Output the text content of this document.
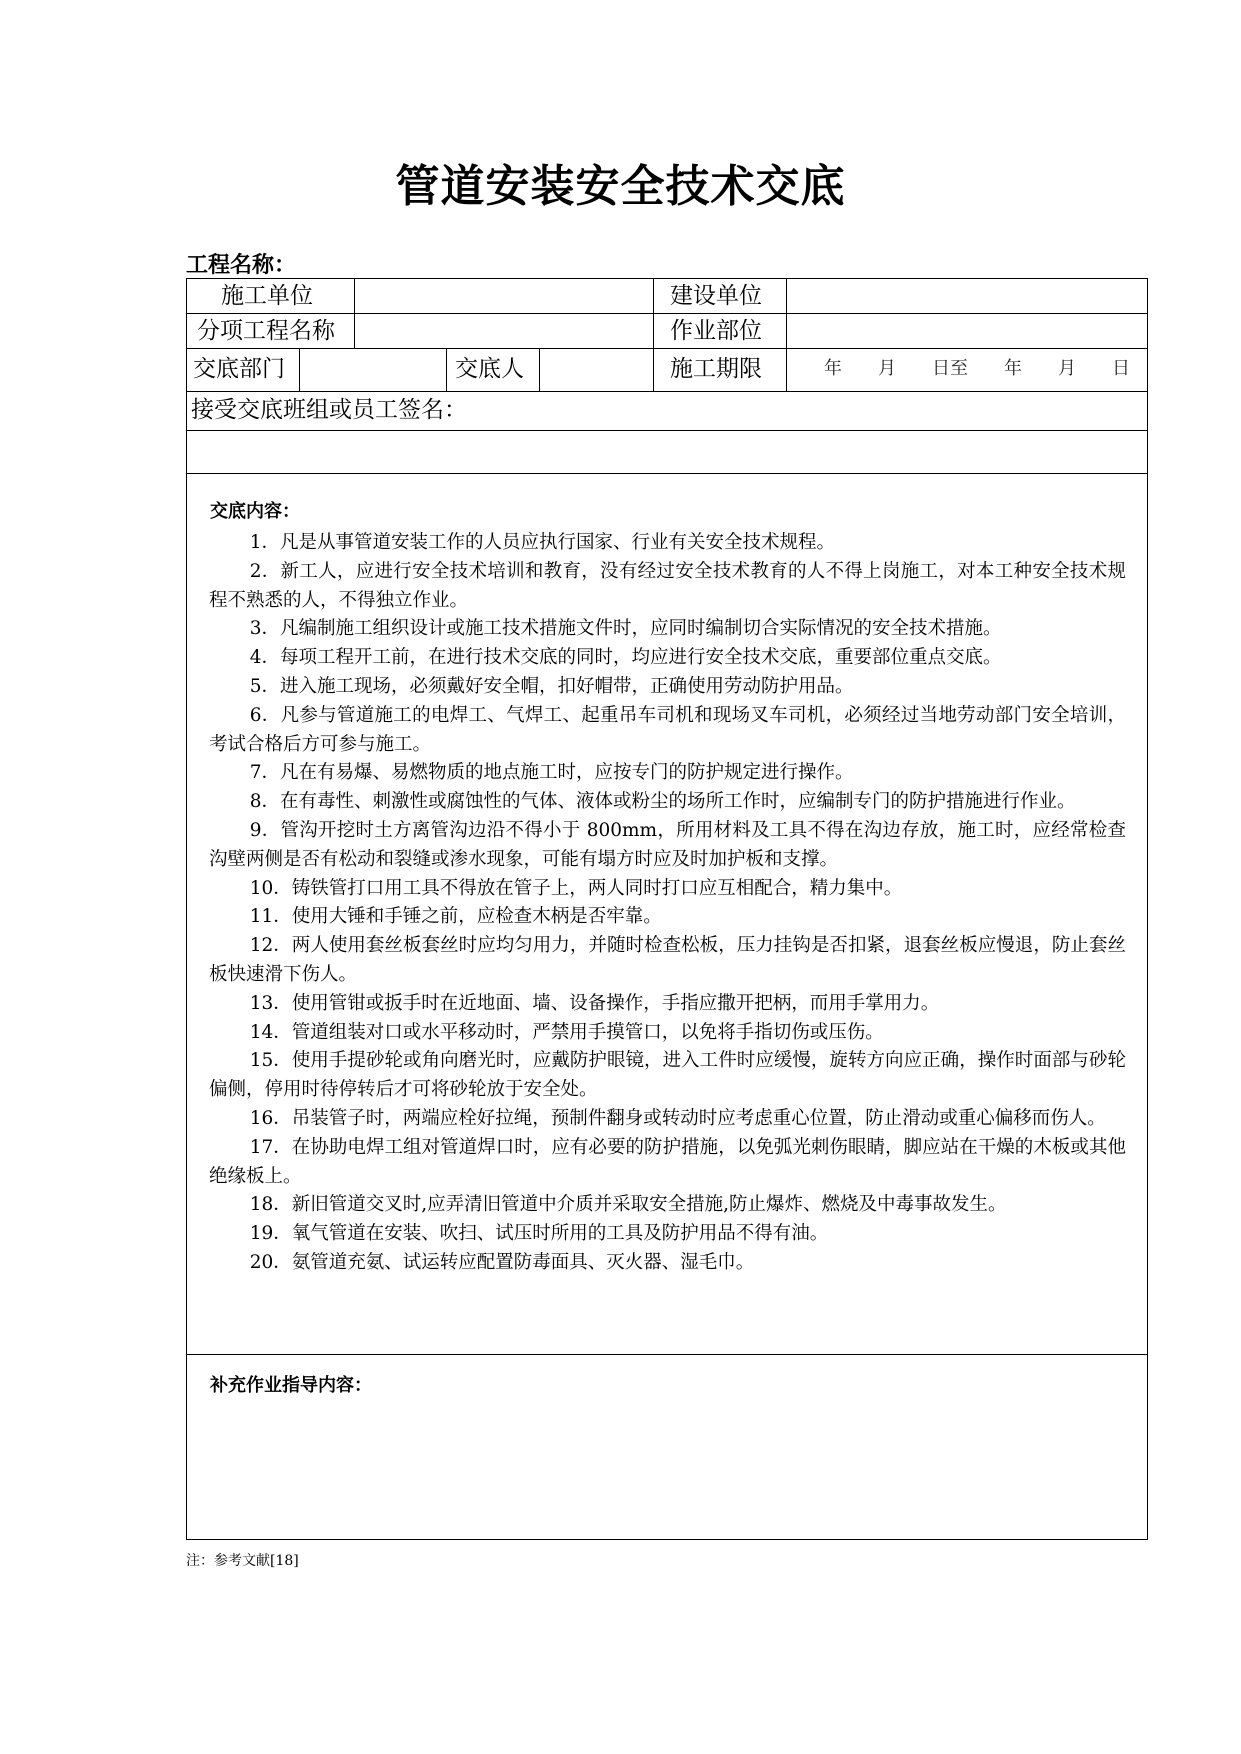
管道安装安全技术交底
工程名称：
施工单位	建设单位
分项工程名称	作业部位
交底部门	交底人	施工期限	年　　月　　日至　　年　　月　　日
接受交底班组或员工签名：
交底内容：

1．凡是从事管道安装工作的人员应执行国家、行业有关安全技术规程。

2．新工人，应进行安全技术培训和教育，没有经过安全技术教育的人不得上岗施工，对本工种安全技术规程不熟悉的人，不得独立作业。

3．凡编制施工组织设计或施工技术措施文件时，应同时编制切合实际情况的安全技术措施。

4．每项工程开工前，在进行技术交底的同时，均应进行安全技术交底，重要部位重点交底。

5．进入施工现场，必须戴好安全帽，扣好帽带，正确使用劳动防护用品。

6．凡参与管道施工的电焊工、气焊工、起重吊车司机和现场叉车司机，必须经过当地劳动部门安全培训，考试合格后方可参与施工。

7．凡在有易爆、易燃物质的地点施工时，应按专门的防护规定进行操作。

8．在有毒性、刺激性或腐蚀性的气体、液体或粉尘的场所工作时，应编制专门的防护措施进行作业。

9．管沟开挖时土方离管沟边沿不得小于 800mm，所用材料及工具不得在沟边存放，施工时，应经常检查沟壁两侧是否有松动和裂缝或渗水现象，可能有塌方时应及时加护板和支撑。

10．铸铁管打口用工具不得放在管子上，两人同时打口应互相配合，精力集中。

11．使用大锤和手锤之前，应检查木柄是否牢靠。

12．两人使用套丝板套丝时应均匀用力，并随时检查松板，压力挂钩是否扣紧，退套丝板应慢退，防止套丝板快速滑下伤人。

13．使用管钳或扳手时在近地面、墙、设备操作，手指应撒开把柄，而用手掌用力。

14．管道组装对口或水平移动时，严禁用手摸管口，以免将手指切伤或压伤。

15．使用手提砂轮或角向磨光时，应戴防护眼镜，进入工件时应缓慢，旋转方向应正确，操作时面部与砂轮偏侧，停用时待停转后才可将砂轮放于安全处。

16．吊装管子时，两端应栓好拉绳，预制件翻身或转动时应考虑重心位置，防止滑动或重心偏移而伤人。

17．在协助电焊工组对管道焊口时，应有必要的防护措施，以免弧光刺伤眼睛，脚应站在干燥的木板或其他绝缘板上。

18．新旧管道交叉时,应弄清旧管道中介质并采取安全措施,防止爆炸、燃烧及中毒事故发生。

19．氧气管道在安装、吹扫、试压时所用的工具及防护用品不得有油。

20．氨管道充氨、试运转应配置防毒面具、灭火器、湿毛巾。

补充作业指导内容：
注：参考文献[18]
